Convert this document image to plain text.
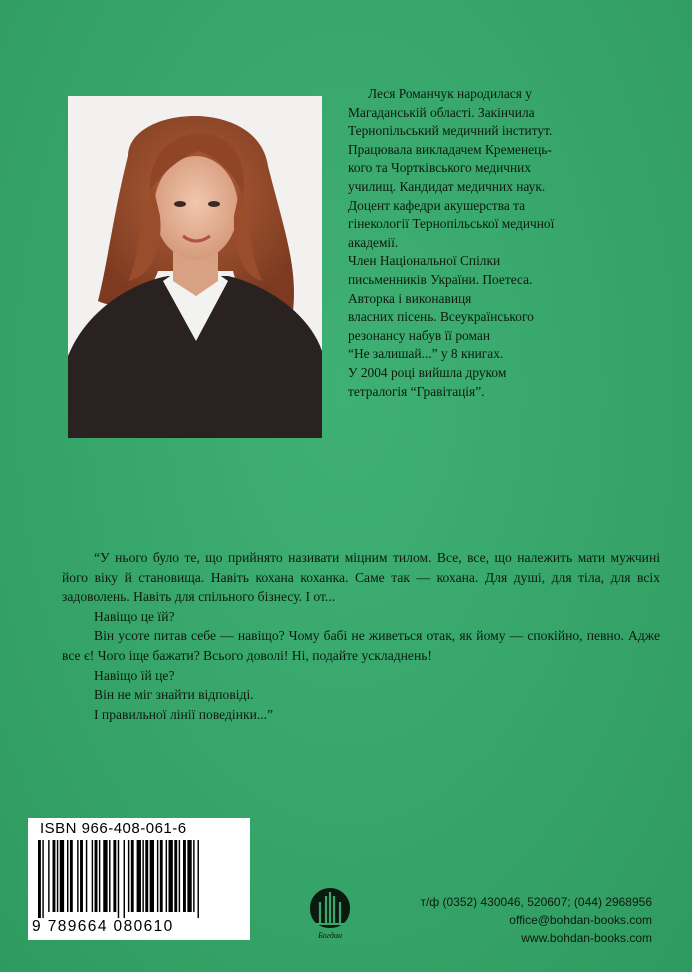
Леся Романчук народилася у
Магаданській області. Закінчила
Тернопільський медичний інститут.
Працювала викладачем Кременець-
кого та Чортківського медичних
училищ. Кандидат медичних наук.
Доцент кафедри акушерства та
гінекології Тернопільської медичної
академії.
Член Національної Спілки
письменників України. Поетеса.
Авторка і виконавиця
власних пісень. Всеукраїнського
резонансу набув її роман
“Не залишай...” у 8 книгах.
У 2004 році вийшла друком
тетралогія “Гравітація”.

“У нього було те, що прийнято називати міцним тилом. Все, все, що належить мати мужчині його віку й становища. Навіть кохана коханка. Саме так — кохана. Для душі, для тіла, для всіх задоволень. Навіть для спільного бізнесу. І от...

Навіщо це їй?

Він усоте питав себе — навіщо? Чому бабі не живеться отак, як йому — спокійно, певно. Адже все є! Чого іще бажати? Всього доволі! Ні, подайте ускладнень!

Навіщо їй це?

Він не міг знайти відповіді.

І правильної лінії поведінки...”

ISBN 966-408-061-6
9 789664 080610
Богдан
т/ф (0352) 430046, 520607; (044) 2968956
office@bohdan-books.com
www.bohdan-books.com
